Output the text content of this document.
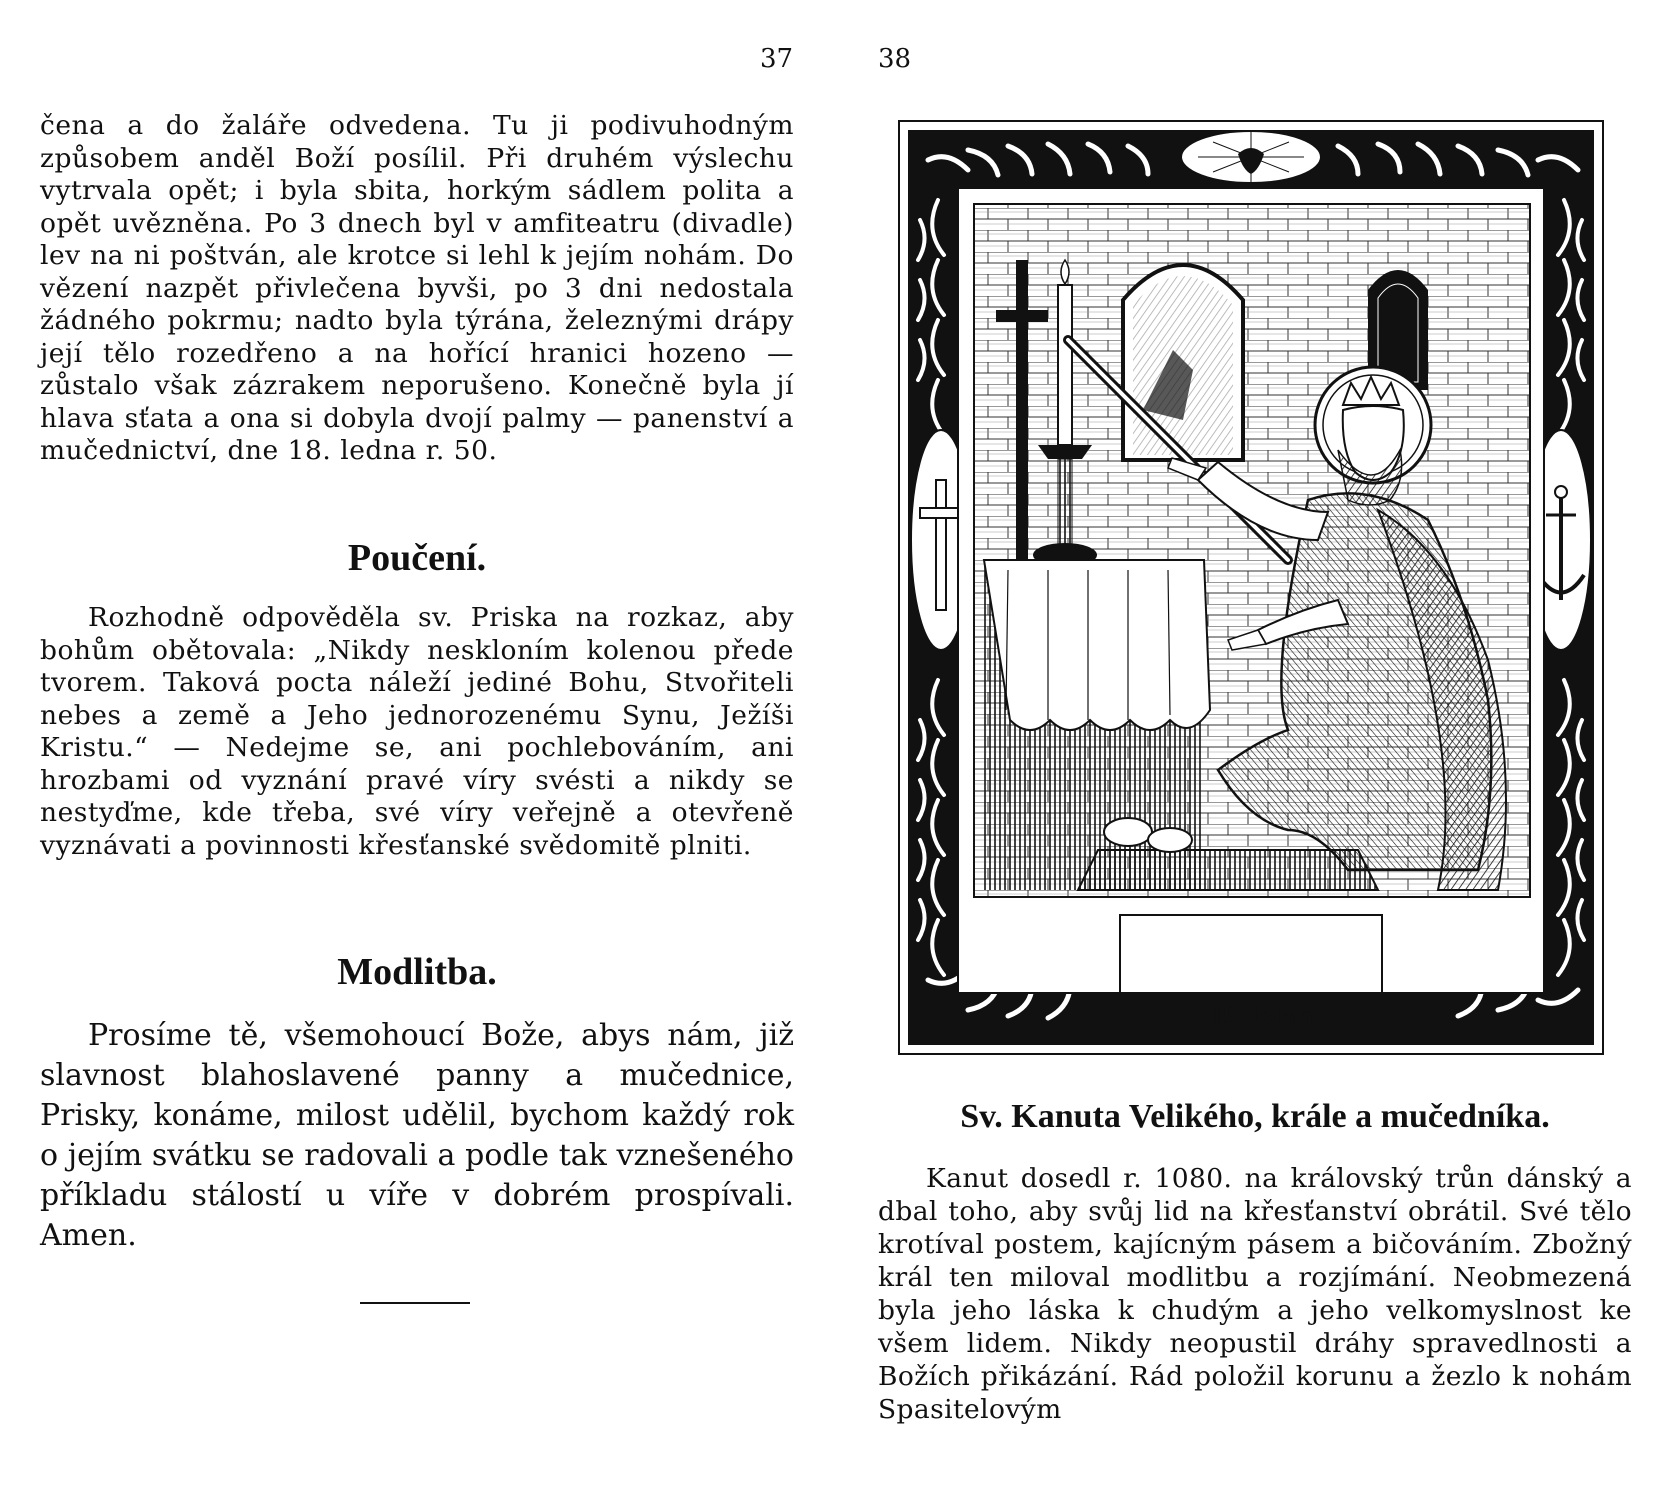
37	38

čena a do žaláře odvedena. Tu ji podivuhodným způsobem anděl Boží posílil. Při druhém výslechu vytrvala opět; i byla sbita, horkým sádlem polita a opět uvězněna. Po 3 dnech byl v amfiteatru (divadle) lev na ni poštván, ale krotce si lehl k jejím nohám. Do vězení nazpět přivlečena byvši, po 3 dni nedostala žádného pokrmu; nadto byla týrána, železnými drápy její tělo rozedřeno a na hořící hranici hozeno — zůstalo však zázrakem neporušeno. Konečně byla jí hlava sťata a ona si dobyla dvojí palmy — panenství a mučednictví, dne 18. ledna r. 50.

Poučení.

Rozhodně odpověděla sv. Priska na rozkaz, aby bohům obětovala: „Nikdy neskloním kolenou přede tvorem. Taková pocta náleží jediné Bohu, Stvořiteli nebes a země a Jeho jednorozenému Synu, Ježíši Kristu.“ — Nedejme se, ani pochlebováním, ani hrozbami od vyznání pravé víry svésti a nikdy se nestyďme, kde třeba, své víry veřejně a otevřeně vyznávati a povinnosti křesťanské svědomitě plniti.

Modlitba.

Prosíme tě, všemohoucí Bože, abys nám, již slavnost blahoslavené panny a mučednice, Prisky, konáme, milost udělil, bychom každý rok o jejím svátku se radovali a podle tak vznešeného příkladu stálostí u víře v dobrém prospívali. Amen.

19. ledna.
Sv. Kanuta Velikého, krále a mučedníka.

Kanut dosedl r. 1080. na královský trůn dánský a dbal toho, aby svůj lid na křesťanství obrátil. Své tělo krotíval postem, kajícným pásem a bičováním. Zbožný král ten miloval modlitbu a rozjímání. Neobmezená byla jeho láska k chudým a jeho velkomyslnost ke všem lidem. Nikdy neopustil dráhy spravedlnosti a Božích přikázání. Rád položil korunu a žezlo k nohám Spasitelovým
